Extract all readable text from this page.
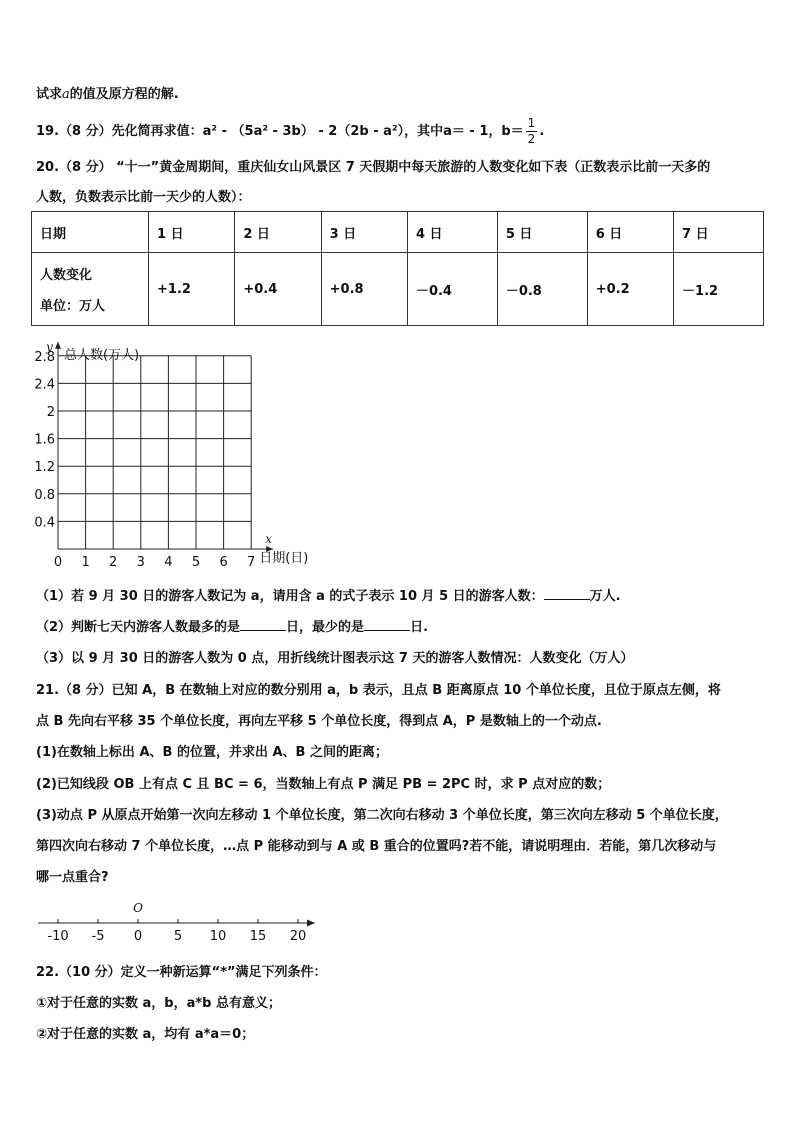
试求a的值及原方程的解.
19.（8 分）先化简再求值：a² - （5a² - 3b） - 2（2b - a²），其中a＝ - 1，$b= \frac{1}{2}$ .
20.（8 分） “十一”黄金周期间，重庆仙女山风景区 7 天假期中每天旅游的人数变化如下表（正数表示比前一天多的
人数，负数表示比前一天少的人数）：
日期	1 日	2 日	3 日	4 日	5 日	6 日	7 日

人数变化
单位：万人	+1.2	+0.4	+0.8	－0.4	－0.8	+0.2	－1.2
0.4
0.8
1.2
1.6
2
2.4
2.8
0 1 2 3 4 5 6 7
y
总人数(万人)
x
日期(日)
（1）若 9 月 30 日的游客人数记为 a，请用含 a 的式子表示 10 月 5 日的游客人数：	万人.
（2）判断七天内游客人数最多的是	日，最少的是	日.
（3）以 9 月 30 日的游客人数为 0 点，用折线统计图表示这 7 天的游客人数情况：人数变化（万人）
21.（8 分）已知 A，B 在数轴上对应的数分别用 a，b 表示，且点 B 距离原点 10 个单位长度，且位于原点左侧，将
点 B 先向右平移 35 个单位长度，再向左平移 5 个单位长度，得到点 A，P 是数轴上的一个动点.
(1)在数轴上标出 A、B 的位置，并求出 A、B 之间的距离；
(2)已知线段 OB 上有点 C 且 BC = 6，当数轴上有点 P 满足 PB = 2PC 时，求 P 点对应的数；
(3)动点 P 从原点开始第一次向左移动 1 个单位长度，第二次向右移动 3 个单位长度，第三次向左移动 5 个单位长度，
第四次向右移动 7 个单位长度，…点 P 能移动到与 A 或 B 重合的位置吗?若不能，请说明理由．若能，第几次移动与
哪一点重合?
-10 -5 0 5 10 15 20
O
22.（10 分）定义一种新运算“*”满足下列条件：
①对于任意的实数 a，b，a*b 总有意义；
②对于任意的实数 a，均有 a*a＝0；
